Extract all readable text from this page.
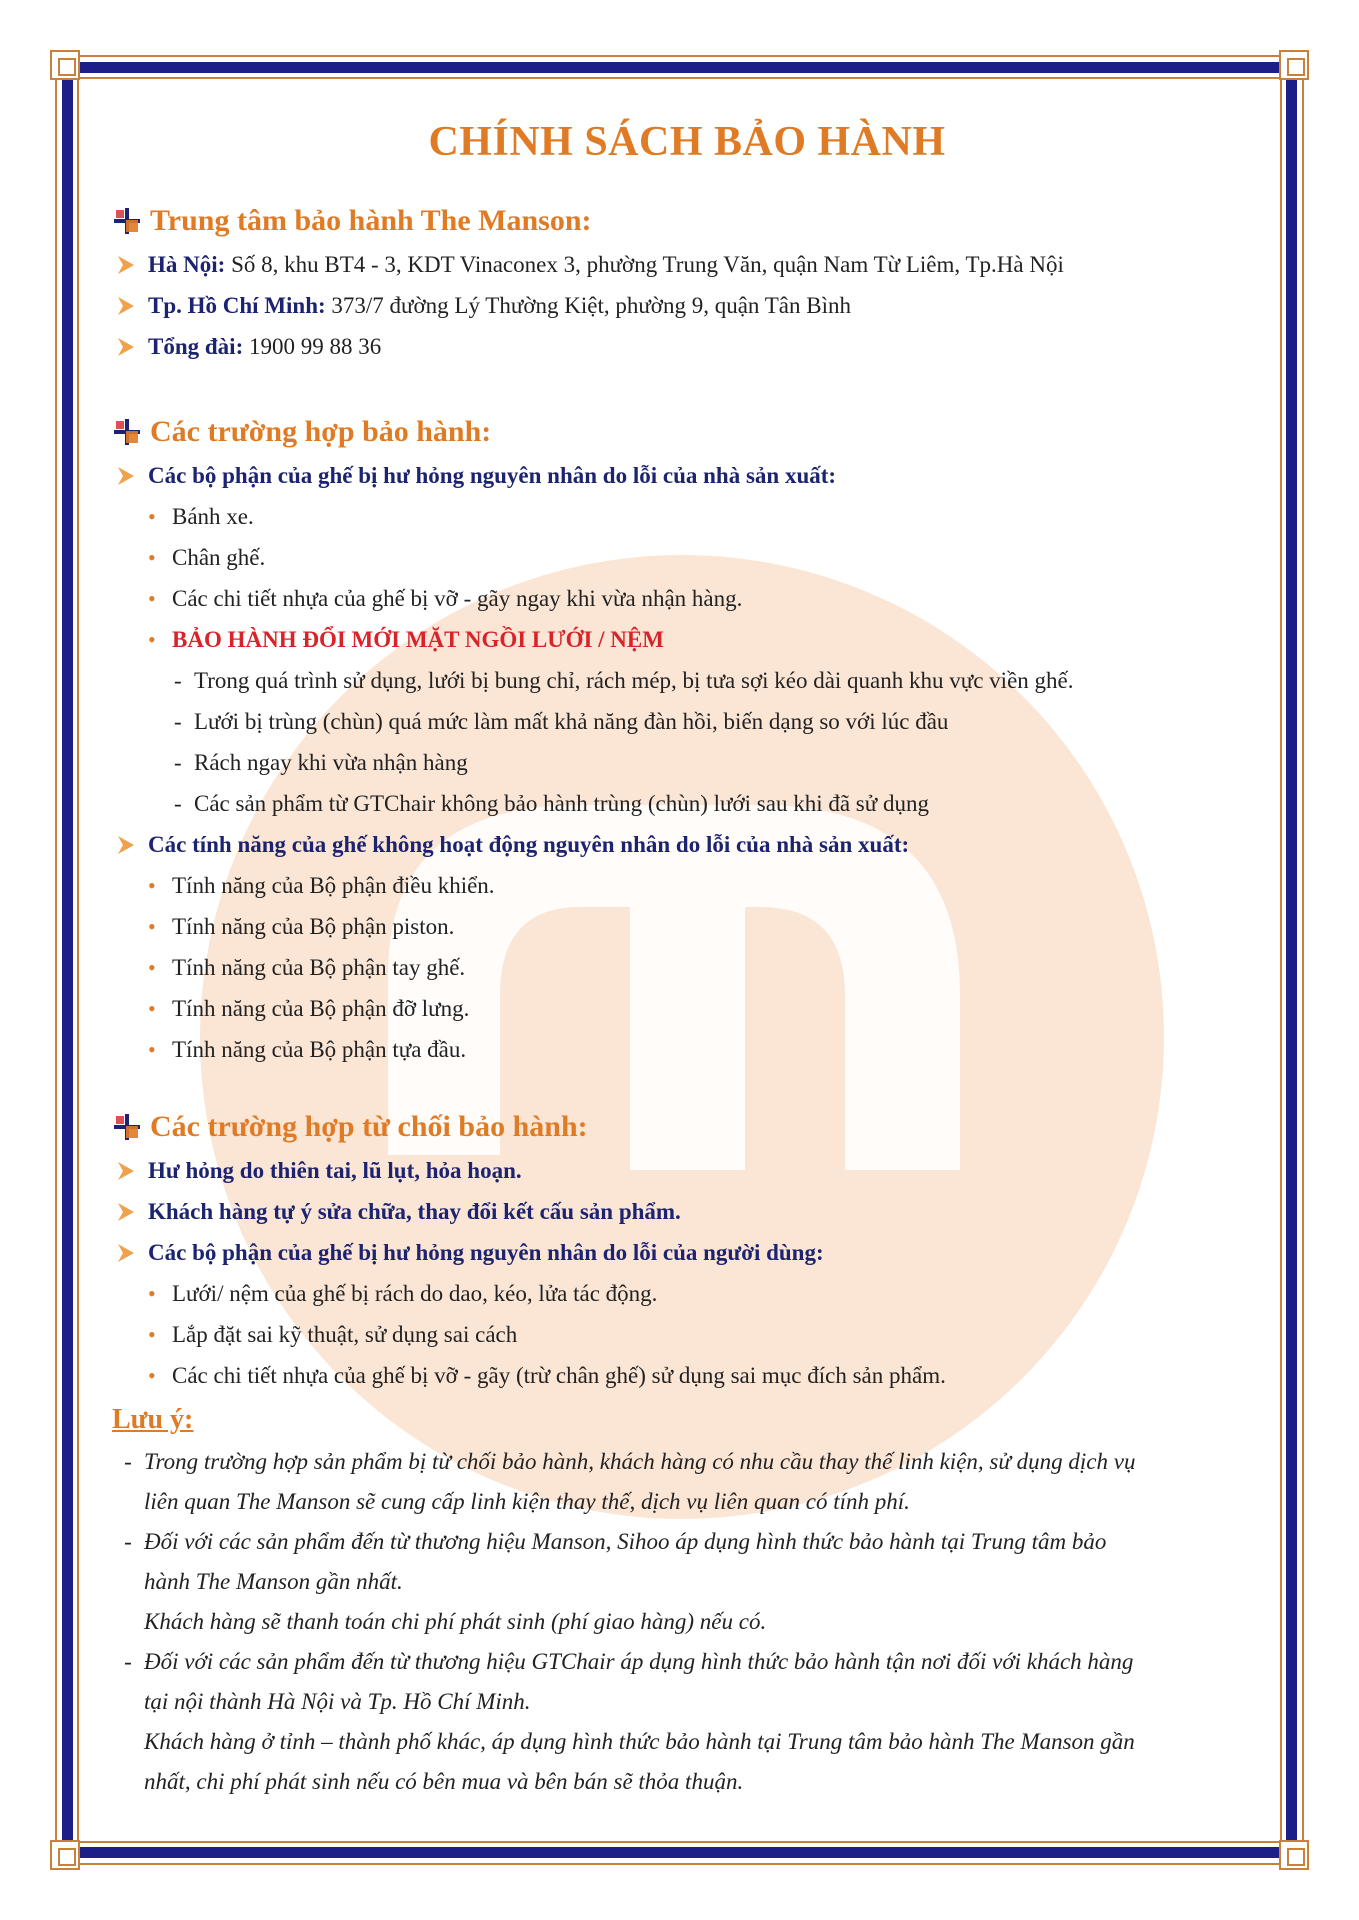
CHÍNH SÁCH BẢO HÀNH
Trung tâm bảo hành The Manson:
Hà Nội:
Số 8, khu BT4 - 3, KDT Vinaconex 3, phường Trung Văn, quận Nam Từ Liêm, Tp.Hà Nội
Tp. Hồ Chí Minh:
373/7 đường Lý Thường Kiệt, phường 9, quận Tân Bình
Tổng đài:
1900 99 88 36
Các trường hợp bảo hành:
Các bộ phận của ghế bị hư hỏng nguyên nhân do lỗi của nhà sản xuất:
• Bánh xe.
• Chân ghế.
• Các chi tiết nhựa của ghế bị vỡ - gãy ngay khi vừa nhận hàng.
• BẢO HÀNH ĐỔI MỚI MẶT NGỒI LƯỚI / NỆM
- Trong quá trình sử dụng, lưới bị bung chỉ, rách mép, bị tưa sợi kéo dài quanh khu vực viền ghế.
- Lưới bị trùng (chùn) quá mức làm mất khả năng đàn hồi, biến dạng so với lúc đầu
- Rách ngay khi vừa nhận hàng
- Các sản phẩm từ GTChair không bảo hành trùng (chùn) lưới sau khi đã sử dụng
Các tính năng của ghế không hoạt động nguyên nhân do lỗi của nhà sản xuất:
• Tính năng của Bộ phận điều khiển.
• Tính năng của Bộ phận piston.
• Tính năng của Bộ phận tay ghế.
• Tính năng của Bộ phận đỡ lưng.
• Tính năng của Bộ phận tựa đầu.
Các trường hợp từ chối bảo hành:
Hư hỏng do thiên tai, lũ lụt, hỏa hoạn.
Khách hàng tự ý sửa chữa, thay đổi kết cấu sản phẩm.
Các bộ phận của ghế bị hư hỏng nguyên nhân do lỗi của người dùng:
• Lưới/ nệm của ghế bị rách do dao, kéo, lửa tác động.
• Lắp đặt sai kỹ thuật, sử dụng sai cách
• Các chi tiết nhựa của ghế bị vỡ - gãy (trừ chân ghế) sử dụng sai mục đích sản phẩm.
Lưu ý:
- Trong trường hợp sản phẩm bị từ chối bảo hành, khách hàng có nhu cầu thay thế linh kiện, sử dụng dịch vụ
liên quan The Manson sẽ cung cấp linh kiện thay thế, dịch vụ liên quan có tính phí.
- Đối với các sản phẩm đến từ thương hiệu Manson, Sihoo áp dụng hình thức bảo hành tại Trung tâm bảo
hành The Manson gần nhất.
Khách hàng sẽ thanh toán chi phí phát sinh (phí giao hàng) nếu có.
- Đối với các sản phẩm đến từ thương hiệu GTChair áp dụng hình thức bảo hành tận nơi đối với khách hàng
tại nội thành Hà Nội và Tp. Hồ Chí Minh.
Khách hàng ở tỉnh – thành phố khác, áp dụng hình thức bảo hành tại Trung tâm bảo hành The Manson gần
nhất, chi phí phát sinh nếu có bên mua và bên bán sẽ thỏa thuận.
